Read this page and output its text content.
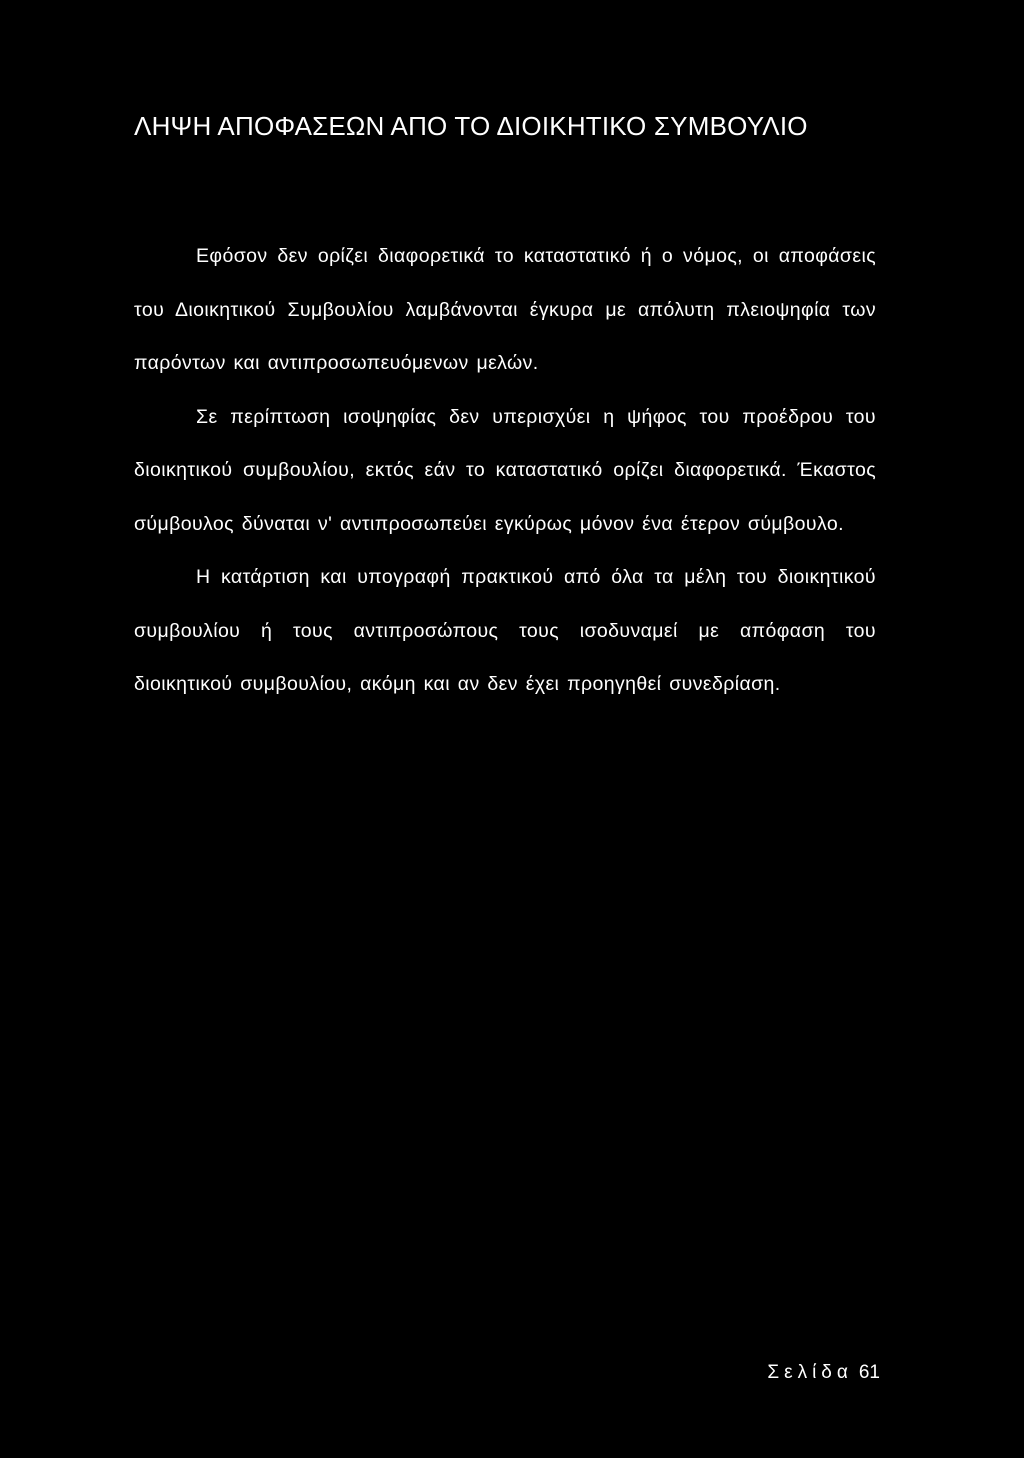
ΛΗΨΗ ΑΠΟΦΑΣΕΩΝ ΑΠΟ ΤΟ ΔΙΟΙΚΗΤΙΚΟ ΣΥΜΒΟΥΛΙΟ

Εφόσον δεν ορίζει διαφορετικά το καταστατικό ή ο νόμος, οι αποφάσεις του Διοικητικού Συμβουλίου λαμβάνονται έγκυρα με απόλυτη πλειοψηφία των παρόντων και αντιπροσωπευόμενων μελών.

Σε περίπτωση ισοψηφίας δεν υπερισχύει η ψήφος του προέδρου του διοικητικού συμβουλίου, εκτός εάν το καταστατικό ορίζει διαφορετικά. Έκαστος σύμβουλος δύναται ν' αντιπροσωπεύει εγκύρως μόνον ένα έτερον σύμβουλο.

Η κατάρτιση και υπογραφή πρακτικού από όλα τα μέλη του διοικητικού συμβουλίου ή τους αντιπροσώπους τους ισοδυναμεί με απόφαση του διοικητικού συμβουλίου, ακόμη και αν δεν έχει προηγηθεί συνεδρίαση.

Σελίδα 61
